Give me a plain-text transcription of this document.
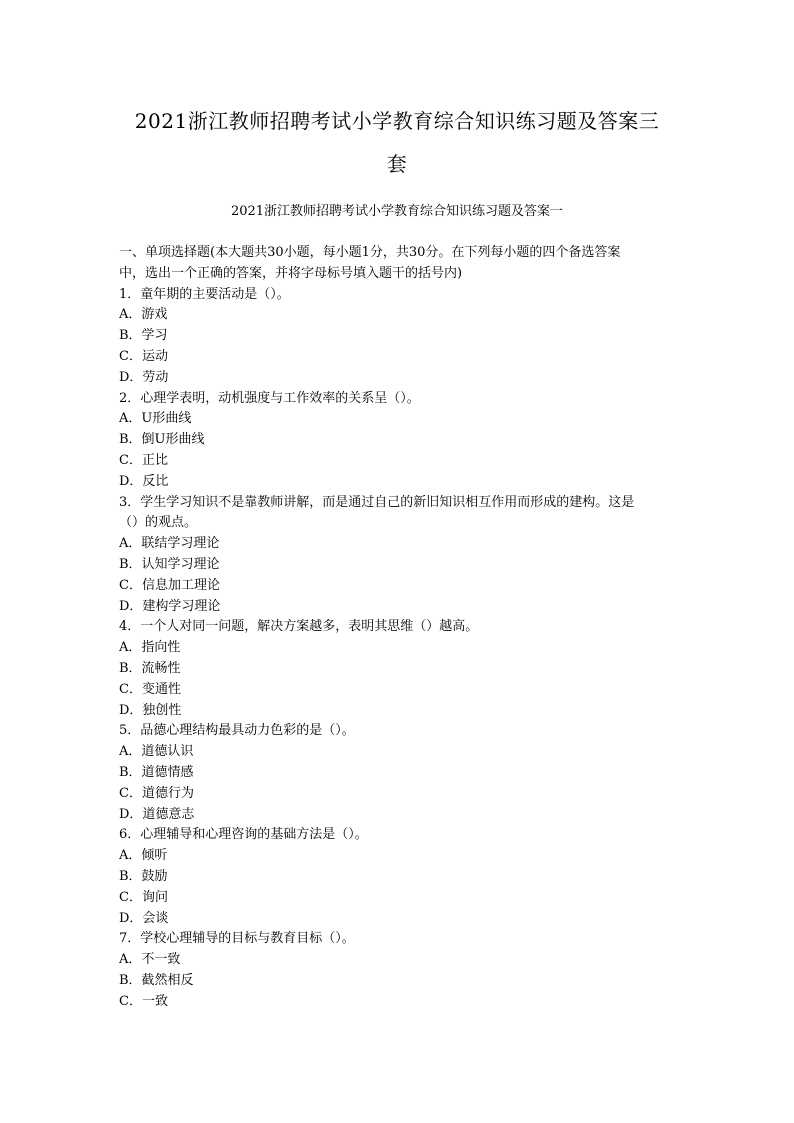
2021浙江教师招聘考试小学教育综合知识练习题及答案三
套
2021浙江教师招聘考试小学教育综合知识练习题及答案一
一、单项选择题(本大题共30小题，每小题1分，共30分。在下列每小题的四个备选答案
中，选出一个正确的答案，并将字母标号填入题干的括号内)
1．童年期的主要活动是（）。
A．游戏
B．学习
C．运动
D．劳动
2．心理学表明，动机强度与工作效率的关系呈（）。
A．U形曲线
B．倒U形曲线
C．正比
D．反比
3．学生学习知识不是靠教师讲解，而是通过自己的新旧知识相互作用而形成的建构。这是
（）的观点。
A．联结学习理论
B．认知学习理论
C．信息加工理论
D．建构学习理论
4．一个人对同一问题，解决方案越多，表明其思维（）越高。
A．指向性
B．流畅性
C．变通性
D．独创性
5．品德心理结构最具动力色彩的是（）。
A．道德认识
B．道德情感
C．道德行为
D．道德意志
6．心理辅导和心理咨询的基础方法是（）。
A．倾听
B．鼓励
C．询问
D．会谈
7．学校心理辅导的目标与教育目标（）。
A．不一致
B．截然相反
C．一致
